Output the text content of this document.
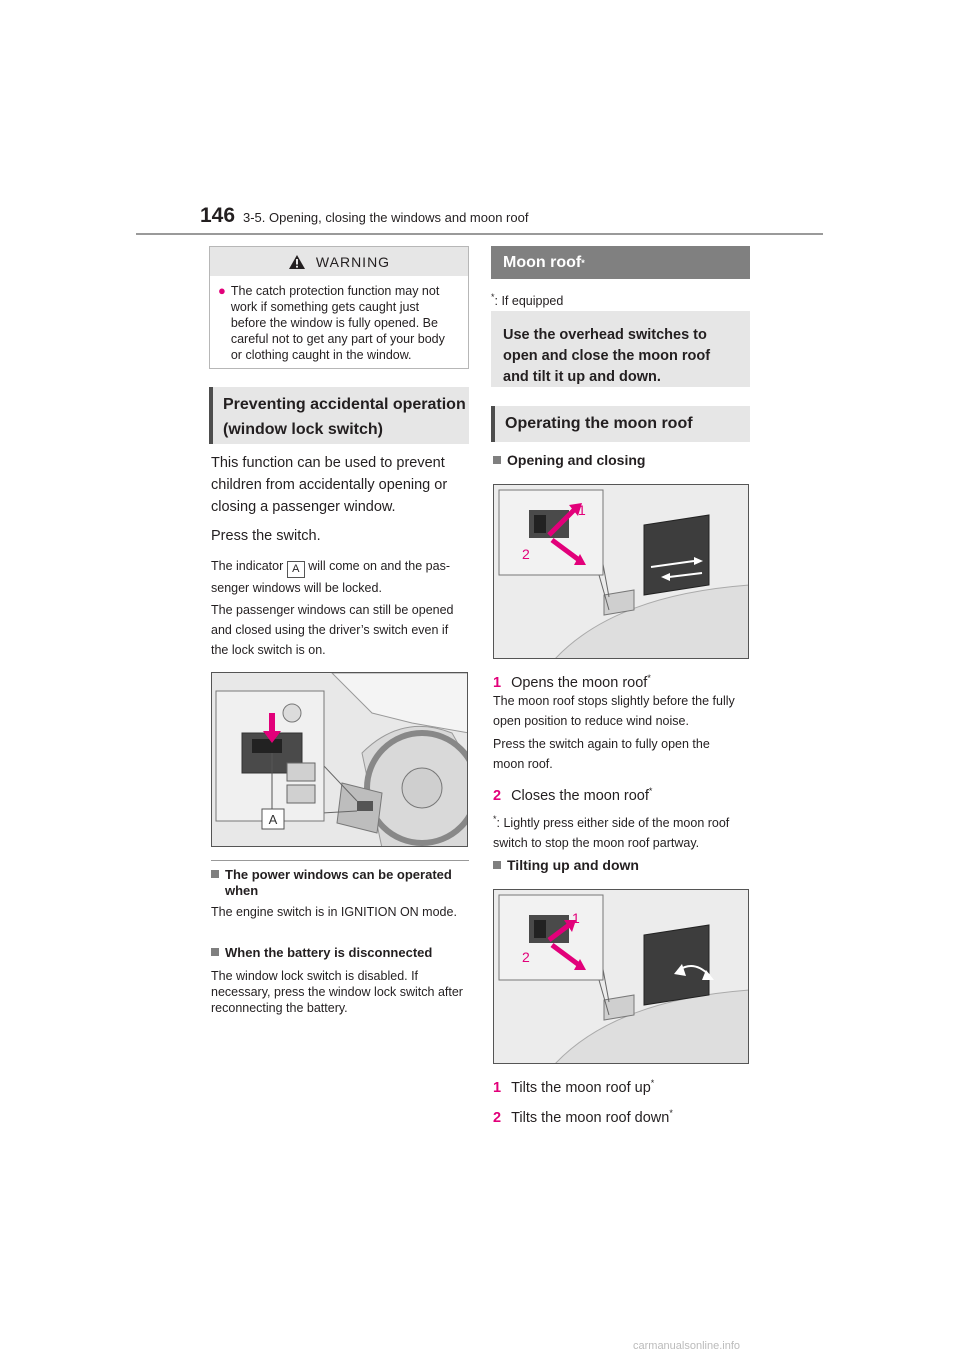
146 3-5. Opening, closing the windows and moon roof
WARNING
● The catch protection function may not work if something gets caught just before the window is fully opened. Be careful not to get any part of your body or clothing caught in the window.
Preventing accidental operation
(window lock switch)
This function can be used to prevent children from accidentally opening or closing a passenger window.
Press the switch.
The indicator A will come on and the pas-
senger windows will be locked.
The passenger windows can still be opened and closed using the driver’s switch even if the lock switch is on.
A
The power windows can be operated
when
The engine switch is in IGNITION ON mode.
When the battery is disconnected
The window lock switch is disabled. If necessary, press the window lock switch after reconnecting the battery.
Moon roof *
*: If equipped
Use the overhead switches to open and close the moon roof and tilt it up and down.
Operating the moon roof
Opening and closing
1
2
1 Opens the moon roof*
The moon roof stops slightly before the fully open position to reduce wind noise.
Press the switch again to fully open the moon roof.
2 Closes the moon roof*
*: Lightly press either side of the moon roof switch to stop the moon roof partway.
Tilting up and down
1
2
1 Tilts the moon roof up*
2 Tilts the moon roof down*
carmanualsonline.info
